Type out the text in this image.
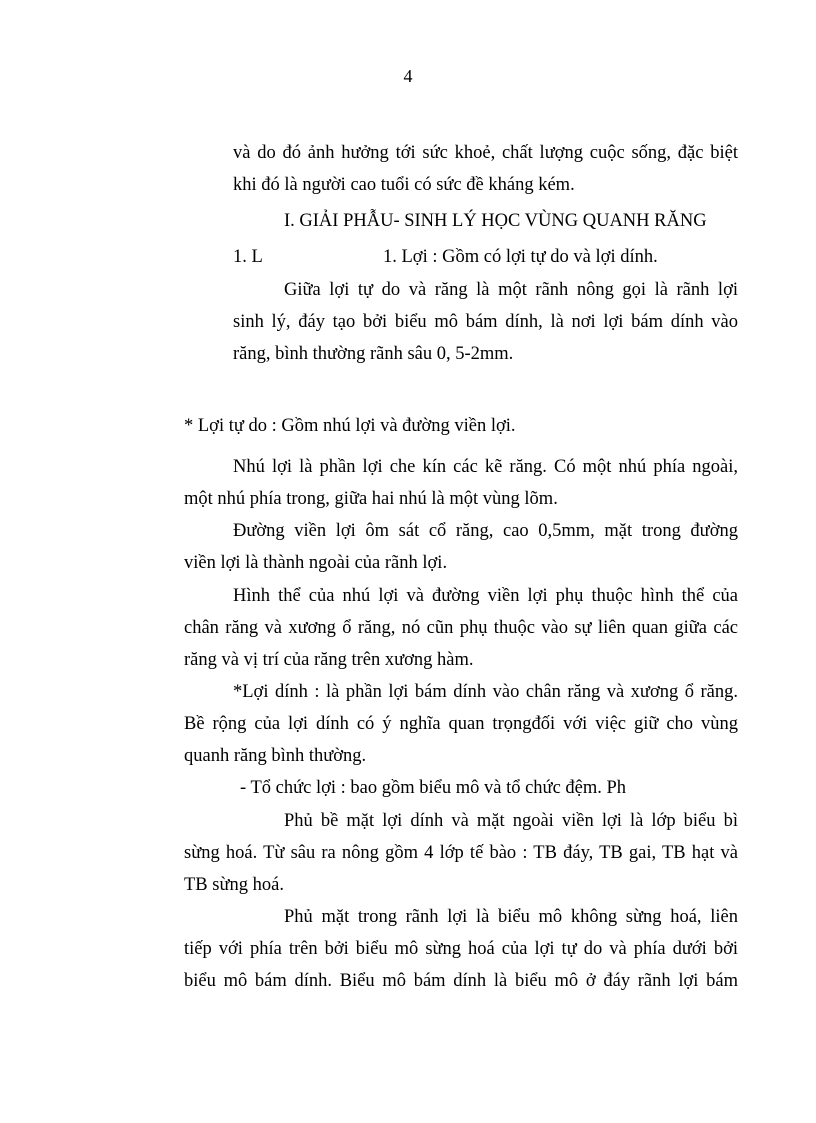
4
và do đó ảnh hưởng tới sức khoẻ, chất lượng cuộc sống, đặc biệt
khi đó là người cao tuổi có sức đề kháng kém.
I. GIẢI PHẪU- SINH LÝ HỌC VÙNG QUANH RĂNG
1. L	1. Lợi : Gồm có lợi tự do và lợi dính.
Giữa lợi tự do và răng là một rãnh nông gọi là rãnh lợi
sinh lý, đáy tạo bởi biểu mô bám dính, là nơi lợi bám dính vào
răng, bình thường rãnh sâu 0, 5-2mm.
* Lợi tự do : Gồm nhú lợi và đường viền lợi.
Nhú lợi là phần lợi che kín các kẽ răng. Có một nhú phía ngoài,
một nhú phía trong, giữa hai nhú là một vùng lõm.
Đường viền lợi ôm sát cổ răng, cao 0,5mm, mặt trong đường
viền lợi là thành ngoài của rãnh lợi.
Hình thể của nhú lợi và đường viền lợi phụ thuộc hình thể của
chân răng và xương ổ răng, nó cũn phụ thuộc vào sự liên quan giữa các
răng và vị trí của răng trên xương hàm.
*Lợi dính : là phần lợi bám dính vào chân răng và xương ổ răng.
Bề rộng của lợi dính có ý nghĩa quan trọngđối với việc giữ cho vùng
quanh răng bình thường.
- Tổ chức lợi : bao gồm biểu mô và tổ chức đệm. Ph
Phủ bề mặt lợi dính và mặt ngoài viền lợi là lớp biểu bì
sừng hoá. Từ sâu ra nông gồm 4 lớp tế bào : TB đáy, TB gai, TB hạt và
TB sừng hoá.
Phủ mặt trong rãnh lợi là biểu mô không sừng hoá, liên
tiếp với phía trên bởi biểu mô sừng hoá của lợi tự do và phía dưới bởi
biểu mô bám dính. Biểu mô bám dính là biểu mô ở đáy rãnh lợi bám
